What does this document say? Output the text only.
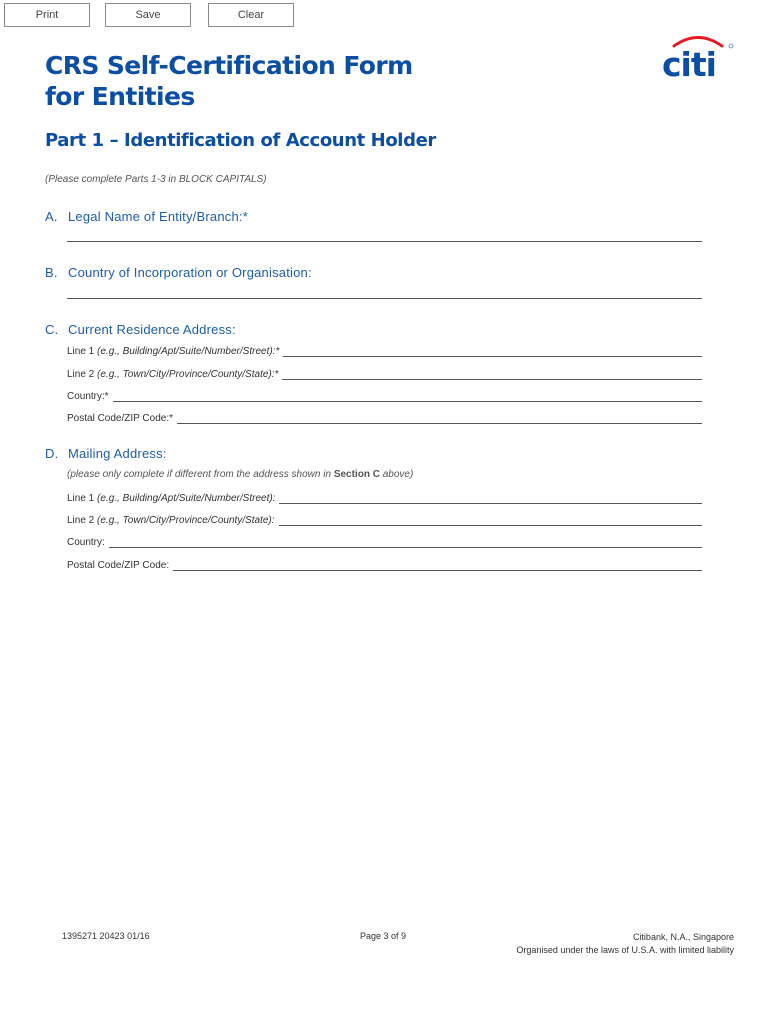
Print	Save	Clear
CRS Self-Certification Form
for Entities
citi
Part 1 – Identification of Account Holder
(Please complete Parts 1-3 in BLOCK CAPITALS)
A. Legal Name of Entity/Branch:*
B. Country of Incorporation or Organisation:
C. Current Residence Address:
Line 1 (e.g., Building/Apt/Suite/Number/Street):*
Line 2 (e.g., Town/City/Province/County/State):*
Country:*
Postal Code/ZIP Code:*
D. Mailing Address:
(please only complete if different from the address shown in Section C above)
Line 1 (e.g., Building/Apt/Suite/Number/Street):
Line 2 (e.g., Town/City/Province/County/State):
Country:
Postal Code/ZIP Code:
1395271 20423 01/16	Page 3 of 9	Citibank, N.A., Singapore
Organised under the laws of U.S.A. with limited liability
